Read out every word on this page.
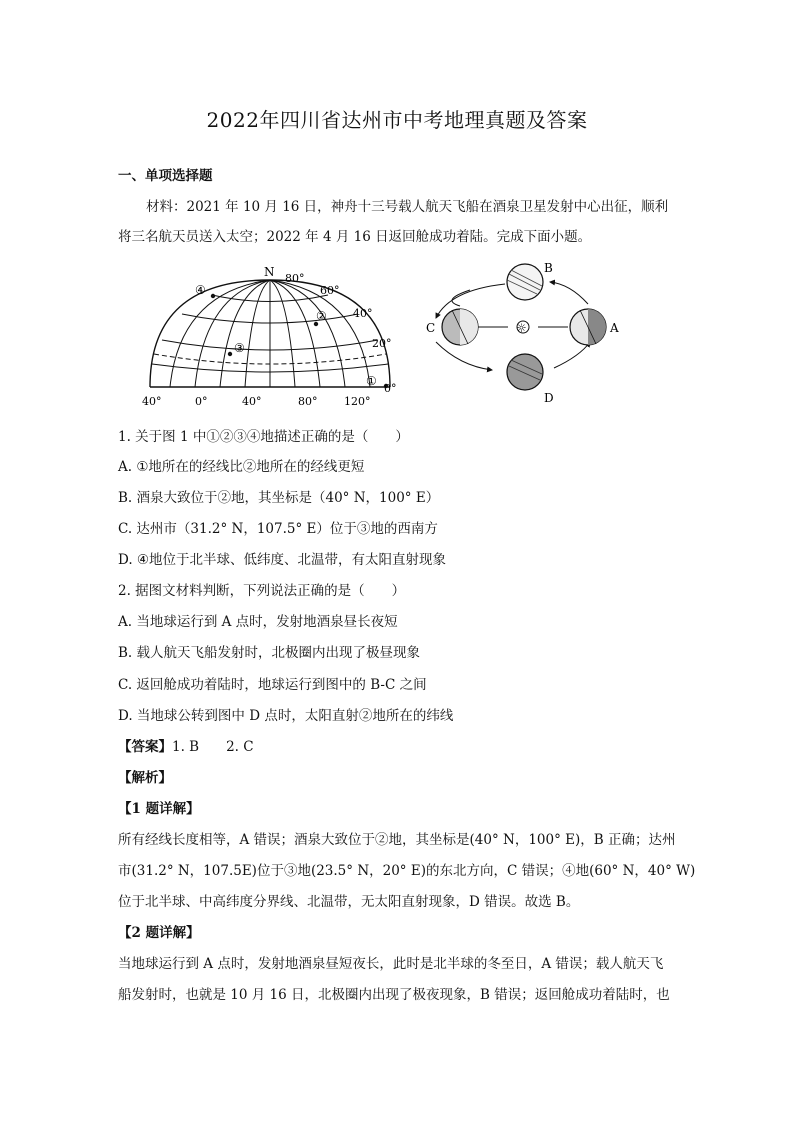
2022年四川省达州市中考地理真题及答案
一、单项选择题
材料：2021 年 10 月 16 日，神舟十三号载人航天飞船在酒泉卫星发射中心出征，顺利
将三名航天员送入太空；2022 年 4 月 16 日返回舱成功着陆。完成下面小题。
N 80°
60°
40°
20°
0°
40°	0°	40°	80° 120°
①
②
③
④
☼	A
B
C
D
1. 关于图 1 中①②③④地描述正确的是（　　）
A. ①地所在的经线比②地所在的经线更短
B. 酒泉大致位于②地，其坐标是（40° N，100° E）
C. 达州市（31.2° N，107.5° E）位于③地的西南方
D. ④地位于北半球、低纬度、北温带，有太阳直射现象
2. 据图文材料判断，下列说法正确的是（　　）
A. 当地球运行到 A 点时，发射地酒泉昼长夜短
B. 载人航天飞船发射时，北极圈内出现了极昼现象
C. 返回舱成功着陆时，地球运行到图中的 B-C 之间
D. 当地球公转到图中 D 点时，太阳直射②地所在的纬线
【答案】1. B　　2. C
【解析】
【1 题详解】
所有经线长度相等，A 错误；酒泉大致位于②地，其坐标是(40° N，100° E)，B 正确；达州
市(31.2° N，107.5E)位于③地(23.5° N，20° E)的东北方向，C 错误；④地(60° N，40° W)
位于北半球、中高纬度分界线、北温带，无太阳直射现象，D 错误。故选 B。
【2 题详解】
当地球运行到 A 点时，发射地酒泉昼短夜长，此时是北半球的冬至日，A 错误；载人航天飞
船发射时，也就是 10 月 16 日，北极圈内出现了极夜现象，B 错误；返回舱成功着陆时，也
